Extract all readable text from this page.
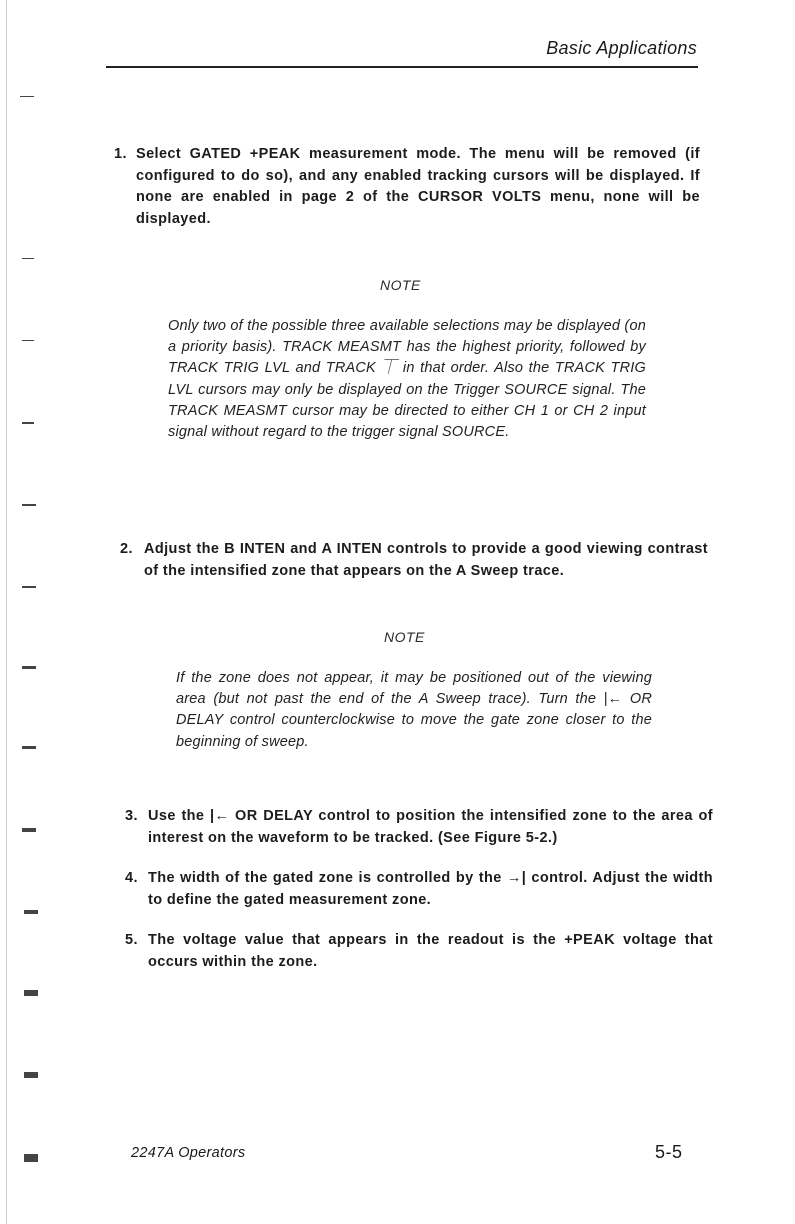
Basic Applications
1. Select GATED +PEAK measurement mode. The menu will be removed (if configured to do so), and any enabled tracking cursors will be displayed. If none are enabled in page 2 of the CURSOR VOLTS menu, none will be displayed.
NOTE
Only two of the possible three available selections may be displayed (on a priority basis). TRACK MEASMT has the highest priority, followed by TRACK TRIG LVL and TRACK ⏉ in that order. Also the TRACK TRIG LVL cursors may only be displayed on the Trigger SOURCE signal. The TRACK MEASMT cursor may be directed to either CH 1 or CH 2 input signal without regard to the trigger signal SOURCE.
2. Adjust the B INTEN and A INTEN controls to provide a good viewing contrast of the intensified zone that appears on the A Sweep trace.
NOTE
If the zone does not appear, it may be positioned out of the viewing area (but not past the end of the A Sweep trace). Turn the |← OR DELAY control counterclockwise to move the gate zone closer to the beginning of sweep.
3. Use the |← OR DELAY control to position the intensified zone to the area of interest on the waveform to be tracked. (See Figure 5-2.)
4. The width of the gated zone is controlled by the →| control. Adjust the width to define the gated measurement zone.
5. The voltage value that appears in the readout is the +PEAK voltage that occurs within the zone.
2247A Operators	5-5
